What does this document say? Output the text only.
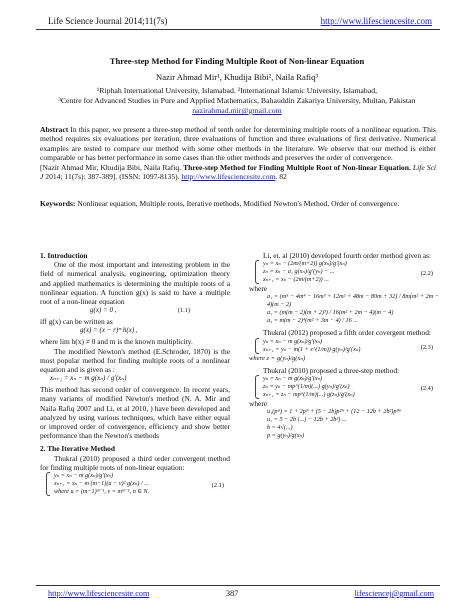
Life Science Journal 2014;11(7s)	http://www.lifesciencesite.com
Three-step Method for Finding Multiple Root of Non-linear Equation
Nazir Ahmad Mir¹, Khudija Bibi², Naila Rafiq³
¹Riphah International University, Islamabad. ²International Islamic University, Islamabad,
³Centre for Advanced Studies in Pure and Applied Mathematics, Bahauddin Zakariya University, Multan, Pakistan
nazirahmad.mir@gmail.com
Abstract In this paper, we present a three-step method of tenth order for determining multiple roots of a nonlinear equation. This method requires six evaluations per iteration, three evaluations of function and three evaluations of first derivative. Numerical examples are tested to compare our method with some other methods in the literature. We observe that our method is either comparable or has better performance in some cases than the other methods and preserves the order of convergence.
[Nazir Ahmad Mir, Khudija Bibi, Naila Rafiq. Three-step Method for Finding Multiple Root of Non-linear Equation. Life Sci J 2014; 11(7s): 387-389]. (ISSN: 1097-8135). http://www.lifesciencesite.com. 82
Keywords: Nonlinear equation, Multiple roots, Iterative methods, Modified Newton's Method, Order of convergence.
1. Introduction
One of the most important and interesting problem in the field of numerical analysis, engineering, optimization theory and applied mathematics is determining the multiple roots of a nonlinear equation. A function g(x) is said to have a multiple root of a non-linear equation
g(x) = 0 ,	(1.1)
iff g(x) can be written as
g(x) = (x − r)ᵐ h(x) ,
where lim h(x) ≠ 0 and m is the known multiplicity.
The modified Newton's method (E.Schroder, 1870) is the most popular method for finding multiple roots of a nonlinear equation and is given as :
xₙ₊₁ = xₙ − m g(xₙ) / g′(xₙ)
This method has second order of convergence. In recent years, many variants of modified Newton's method (N. A. Mir and Naila Rafiq 2007 and Li, et al 2010, ) have been developed and analyzed by using various techniques, which have either equal or improved order of convergence, efficiency and show better performance than the Newton's methods
2. The Iterative Method
Thukral (2010) proposed a third order convergent method for finding multiple roots of non-linear equation:
yₙ = xₙ − m g(xₙ)/g′(xₙ)
xₙ₊₁ = xₙ − m (m−1)(u − v)² g(xₙ) / ...
where u = (m−1)ᵐ⁻¹, v = mᵐ⁻¹, n ∈ N.
(2.1)
Li, et. al (2010) developed fourth order method given as:
yₙ = xₙ − (2m/(m+2)) g(xₙ)/g′(xₙ)
zₙ = xₙ − a₁ g(xₙ)/g′(yₙ) − ...
xₙ₊₁ = xₙ − (2m/(m+2)) ...
(2.2)
where
a₁ = (m⁵ − 4m⁴ − 16m³ + 12m² + 48m − 80m + 32) / 8m(m² + 2m − 4)(m − 2)
a₂ = (m(m − 2)(m + 2)³) / 16(m² + 2m − 4)(m − 4)
a₃ = m(m − 2)⁴(m² + 3m − 4) / 16 ...
Thukral (2012) proposed a fifth order covergent method:
yₙ = xₙ − m g(xₙ)/g′(xₙ)
xₙ₊₁ = yₙ − m(1 + z^(1/m)) g(yₙ)/g′(xₙ)	(2.3)
where z = g(yₙ)/g(xₙ)
Thukral (2010) proposed a three-step method:
yₙ = xₙ − m g(xₙ)/g′(xₙ)
zₙ = yₙ − mp^(1/m)(...) g(yₙ)/g′(xₙ)
xₙ₊₁ = zₙ − mp^(1/m)(...) g(zₙ)/g′(xₙ)
(2.4)
where
u₁(pᵐ) = 1 + 2pᵐ + (5 − 2b)p²ᵐ + (12 − 12b + 2b²)p³ᵐ
u₂ = 5 − 2b (...) − 12b + 2b²) ...
b = 4√(...)
p = g(yₙ)/g(xₙ)
http://www.lifesciencesite.com	387	lifesciencej@gmail.com
